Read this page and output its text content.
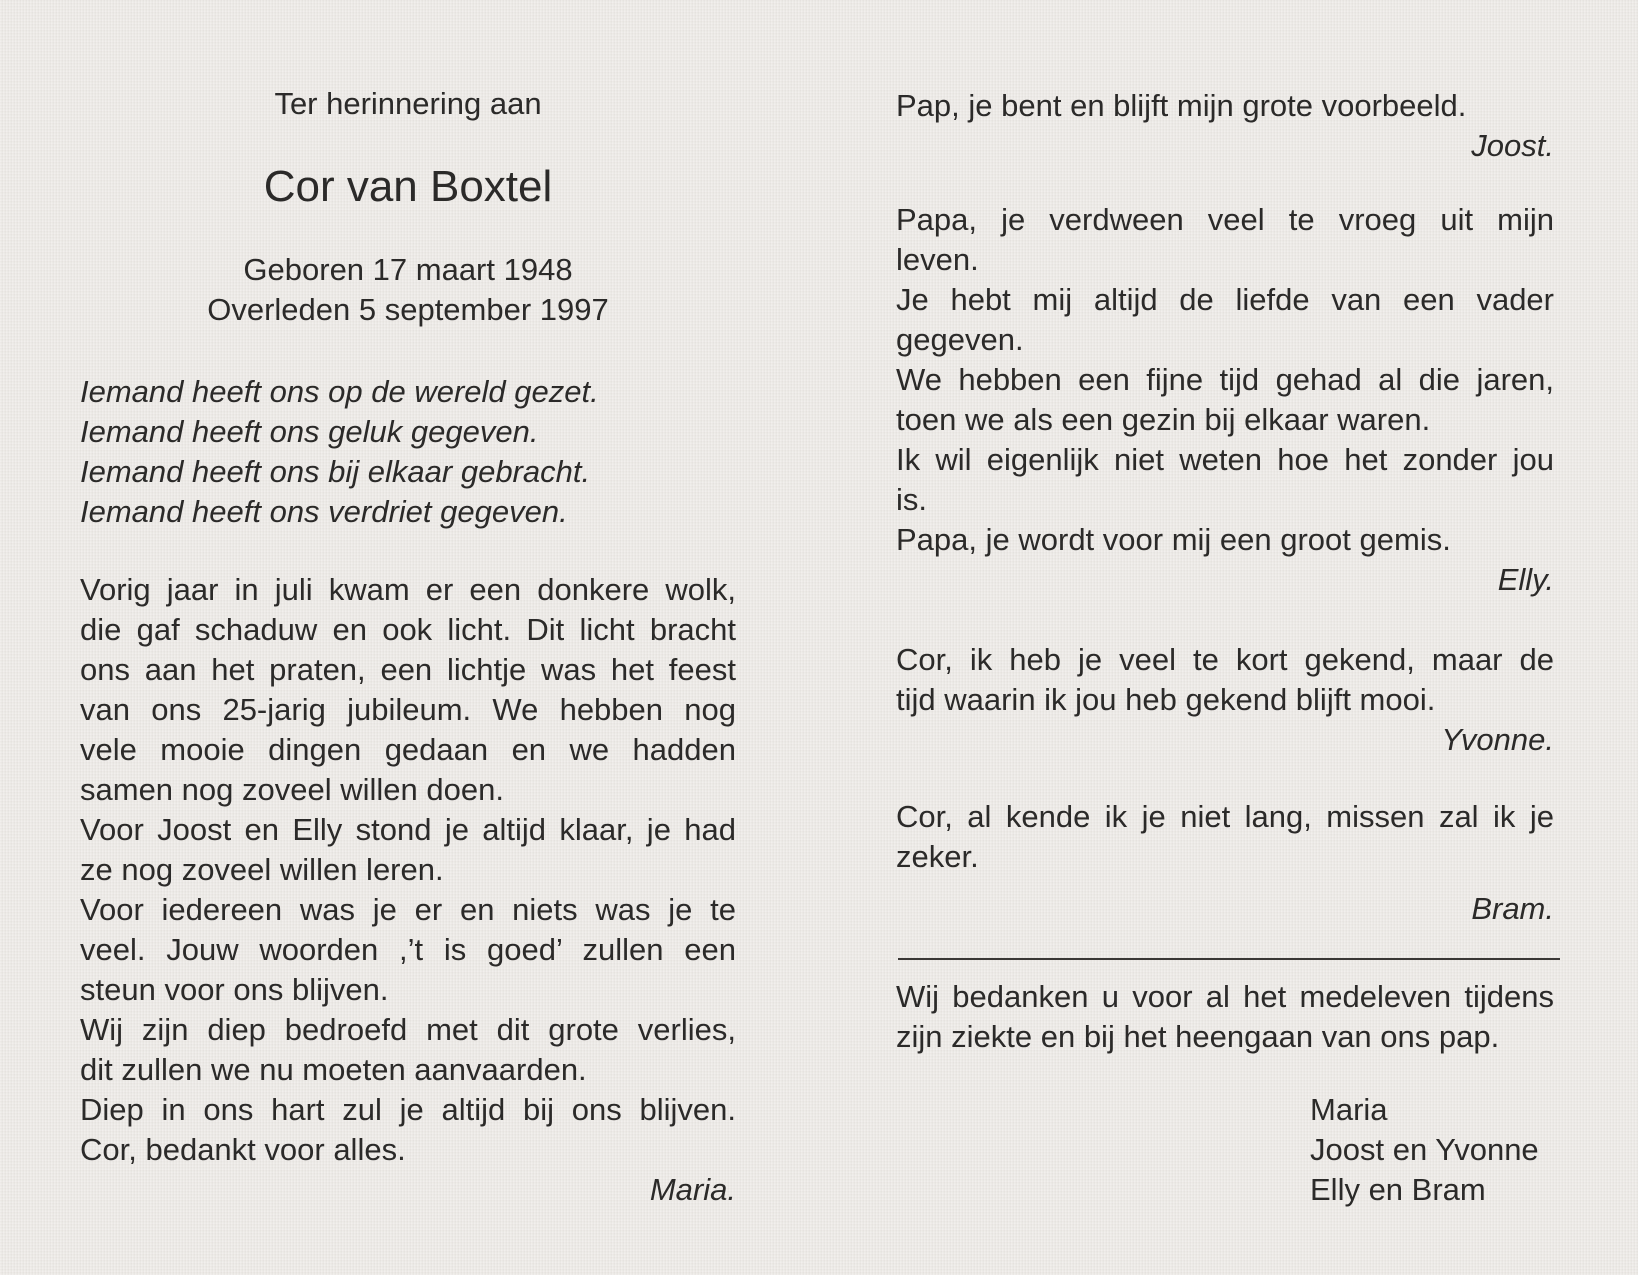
Ter herinnering aan
Cor van Boxtel

Geboren 17 maart 1948

Overleden 5 september 1997

Iemand heeft ons op de wereld gezet.

Iemand heeft ons geluk gegeven.

Iemand heeft ons bij elkaar gebracht.

Iemand heeft ons verdriet gegeven.

Vorig jaar in juli kwam er een donkere wolk,

die gaf schaduw en ook licht. Dit licht bracht

ons aan het praten, een lichtje was het feest

van ons 25-jarig jubileum. We hebben nog

vele mooie dingen gedaan en we hadden

samen nog zoveel willen doen.

Voor Joost en Elly stond je altijd klaar, je had

ze nog zoveel willen leren.

Voor iedereen was je er en niets was je te

veel. Jouw woorden ,’t is goed’ zullen een

steun voor ons blijven.

Wij zijn diep bedroefd met dit grote verlies,

dit zullen we nu moeten aanvaarden.

Diep in ons hart zul je altijd bij ons blijven.

Cor, bedankt voor alles.

Maria.

Pap, je bent en blijft mijn grote voorbeeld.

Joost.

Papa, je verdween veel te vroeg uit mijn

leven.

Je hebt mij altijd de liefde van een vader

gegeven.

We hebben een fijne tijd gehad al die jaren,

toen we als een gezin bij elkaar waren.

Ik wil eigenlijk niet weten hoe het zonder jou

is.

Papa, je wordt voor mij een groot gemis.

Elly.

Cor, ik heb je veel te kort gekend, maar de

tijd waarin ik jou heb gekend blijft mooi.

Yvonne.

Cor, al kende ik je niet lang, missen zal ik je

zeker.

Bram.

Wij bedanken u voor al het medeleven tijdens

zijn ziekte en bij het heengaan van ons pap.

Maria

Joost en Yvonne

Elly en Bram
